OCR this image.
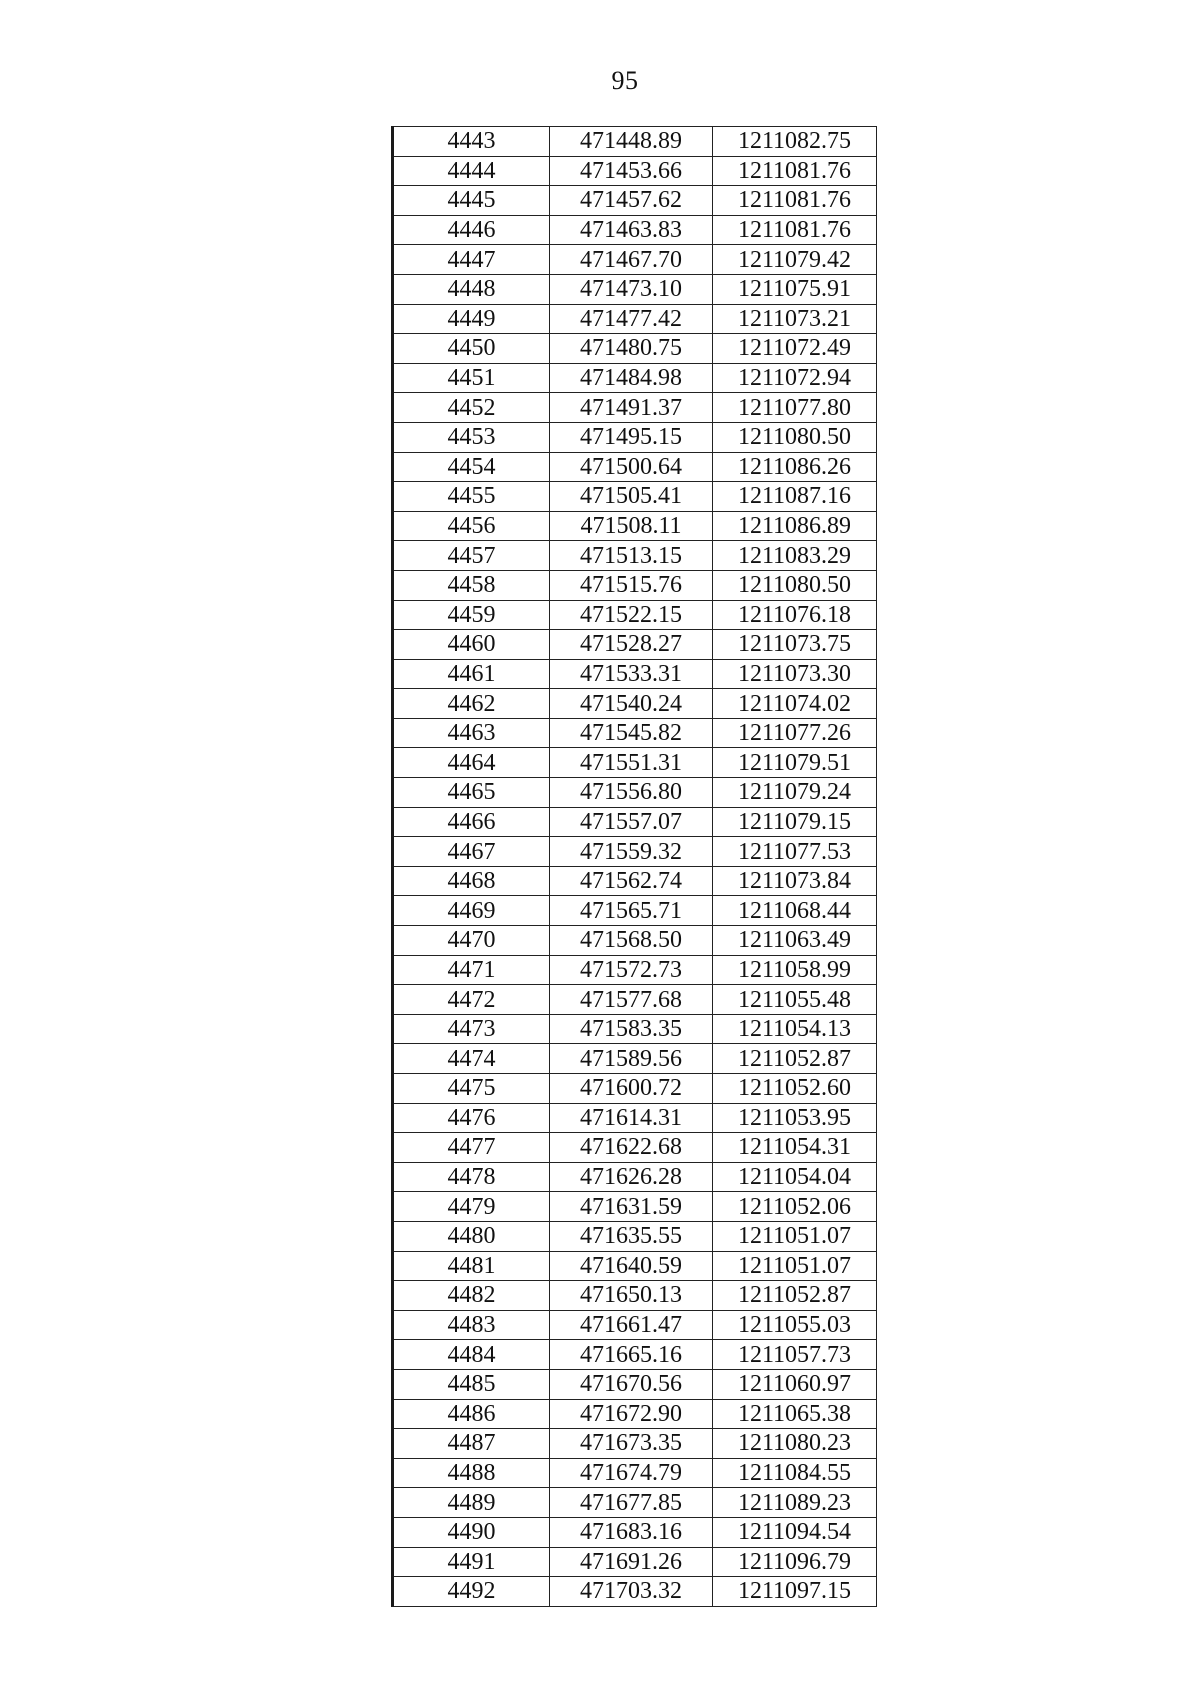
95
4443	471448.89	1211082.75
4444	471453.66	1211081.76
4445	471457.62	1211081.76
4446	471463.83	1211081.76
4447	471467.70	1211079.42
4448	471473.10	1211075.91
4449	471477.42	1211073.21
4450	471480.75	1211072.49
4451	471484.98	1211072.94
4452	471491.37	1211077.80
4453	471495.15	1211080.50
4454	471500.64	1211086.26
4455	471505.41	1211087.16
4456	471508.11	1211086.89
4457	471513.15	1211083.29
4458	471515.76	1211080.50
4459	471522.15	1211076.18
4460	471528.27	1211073.75
4461	471533.31	1211073.30
4462	471540.24	1211074.02
4463	471545.82	1211077.26
4464	471551.31	1211079.51
4465	471556.80	1211079.24
4466	471557.07	1211079.15
4467	471559.32	1211077.53
4468	471562.74	1211073.84
4469	471565.71	1211068.44
4470	471568.50	1211063.49
4471	471572.73	1211058.99
4472	471577.68	1211055.48
4473	471583.35	1211054.13
4474	471589.56	1211052.87
4475	471600.72	1211052.60
4476	471614.31	1211053.95
4477	471622.68	1211054.31
4478	471626.28	1211054.04
4479	471631.59	1211052.06
4480	471635.55	1211051.07
4481	471640.59	1211051.07
4482	471650.13	1211052.87
4483	471661.47	1211055.03
4484	471665.16	1211057.73
4485	471670.56	1211060.97
4486	471672.90	1211065.38
4487	471673.35	1211080.23
4488	471674.79	1211084.55
4489	471677.85	1211089.23
4490	471683.16	1211094.54
4491	471691.26	1211096.79
4492	471703.32	1211097.15
